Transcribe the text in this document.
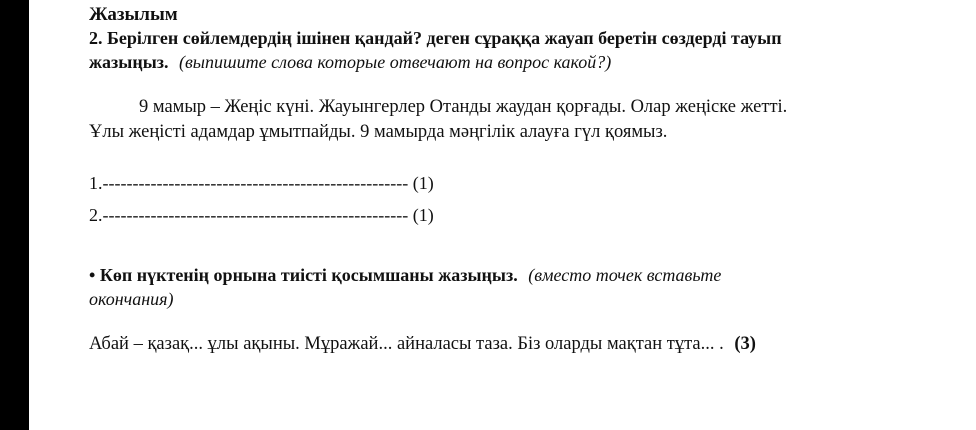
Жазылым
2. Берілген сөйлемдердің ішінен қандай? деген сұраққа жауап беретін сөздерді тауып
жазыңыз. (выпишите слова которые отвечают на вопрос какой?)
9 мамыр – Жеңіс күні. Жауынгерлер Отанды жаудан қорғады. Олар жеңіске жетті.
Ұлы жеңісті адамдар ұмытпайды. 9 мамырда мәңгілік алауға гүл қоямыз.
1.--------------------------------------------------- (1)
2.--------------------------------------------------- (1)
• Көп нүктенің орнына тиісті қосымшаны жазыңыз. (вместо точек вставьте
окончания)
Абай – қазақ... ұлы ақыны. Мұражай... айналасы таза. Біз оларды мақтан тұта... . (3)
